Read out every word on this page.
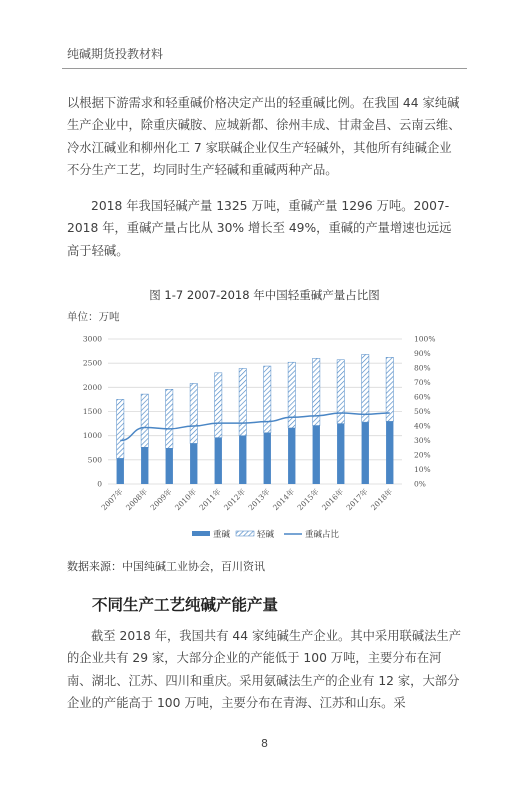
纯碱期货投教材料

以根据下游需求和轻重碱价格决定产出的轻重碱比例。在我国 44 家纯碱生产企业中，除重庆碱胺、应城新都、徐州丰成、甘肃金昌、云南云维、冷水江碱业和柳州化工 7 家联碱企业仅生产轻碱外，其他所有纯碱企业不分生产工艺，均同时生产轻碱和重碱两种产品。

2018 年我国轻碱产量 1325 万吨，重碱产量 1296 万吨。2007-2018 年，重碱产量占比从 30% 增长至 49%，重碱的产量增速也远远高于轻碱。

图 1-7 2007-2018 年中国轻重碱产量占比图
单位：万吨
0
500
1000
1500
2000
2500
3000
0%
10%
20%
30%
40%
50%
60%
70%
80%
90%
100%
2007年 2008年 2009年 2010年 2011年 2012年 2013年 2014年 2015年 2016年 2017年 2018年
重碱	轻碱	重碱占比
数据来源：中国纯碱工业协会，百川资讯
不同生产工艺纯碱产能产量

截至 2018 年，我国共有 44 家纯碱生产企业。其中采用联碱法生产的企业共有 29 家，大部分企业的产能低于 100 万吨，主要分布在河南、湖北、江苏、四川和重庆。采用氨碱法生产的企业有 12 家，大部分企业的产能高于 100 万吨，主要分布在青海、江苏和山东。采

8
